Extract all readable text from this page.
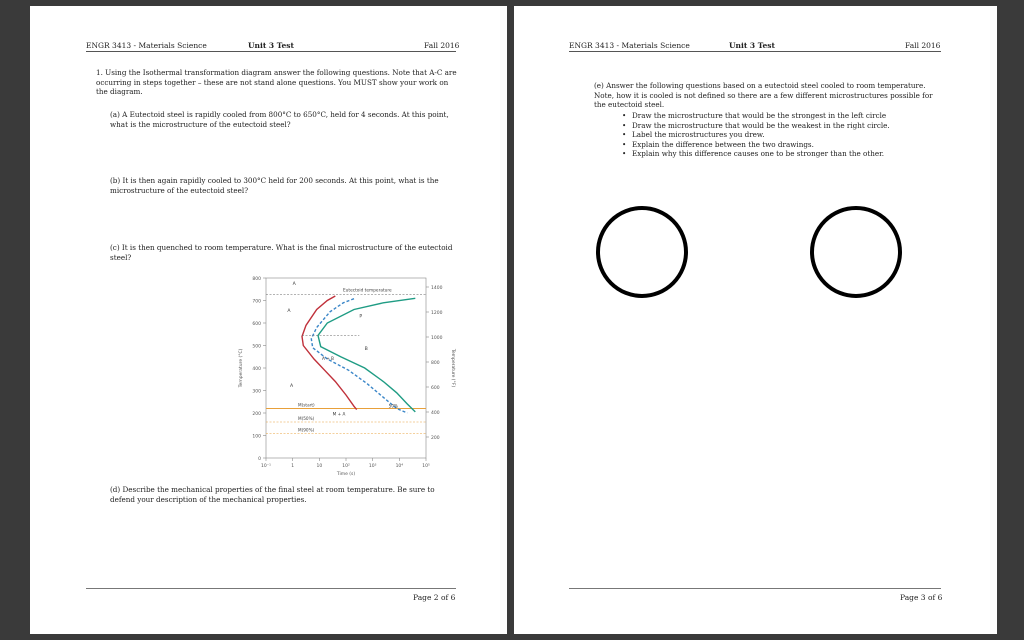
ENGR 3413 - Materials Science	Unit 3 Test	Fall 2016
1. Using the Isothermal transformation diagram answer the following questions. Note that A-C are occurring in steps together – these are not stand alone questions. You MUST show your work on the diagram.
(a) A Eutectoid steel is rapidly cooled from 800°C to 650°C, held for 4 seconds. At this point, what is the microstructure of the eutectoid steel?
(b) It is then again rapidly cooled to 300°C held for 200 seconds. At this point, what is the microstructure of the eutectoid steel?
(c) It is then quenched to room temperature. What is the final microstructure of the eutectoid steel?
0
100
200
300
400
500
600
700
800
200
400
600
800
1000
1200
1400
10⁻¹	1	10	10²	10³	10⁴	10⁵
Time (s)
Temperature (°C)	Temperature (°F)
Eutectoid temperature
M(start)
M(50%)
M(90%)
A
A
P
B
A + B
A
50%
M + A
(d) Describe the mechanical properties of the final steel at room temperature. Be sure to defend your description of the mechanical properties.
Page 2 of 6
ENGR 3413 - Materials Science	Unit 3 Test	Fall 2016
(e) Answer the following questions based on a eutectoid steel cooled to room temperature. Note, how it is cooled is not defined so there are a few different microstructures possible for the eutectoid steel.
• Draw the microstructure that would be the strongest in the left circle
• Draw the microstructure that would be the weakest in the right circle.
• Label the microstructures you drew.
• Explain the difference between the two drawings.
• Explain why this difference causes one to be stronger than the other.
Page 3 of 6
